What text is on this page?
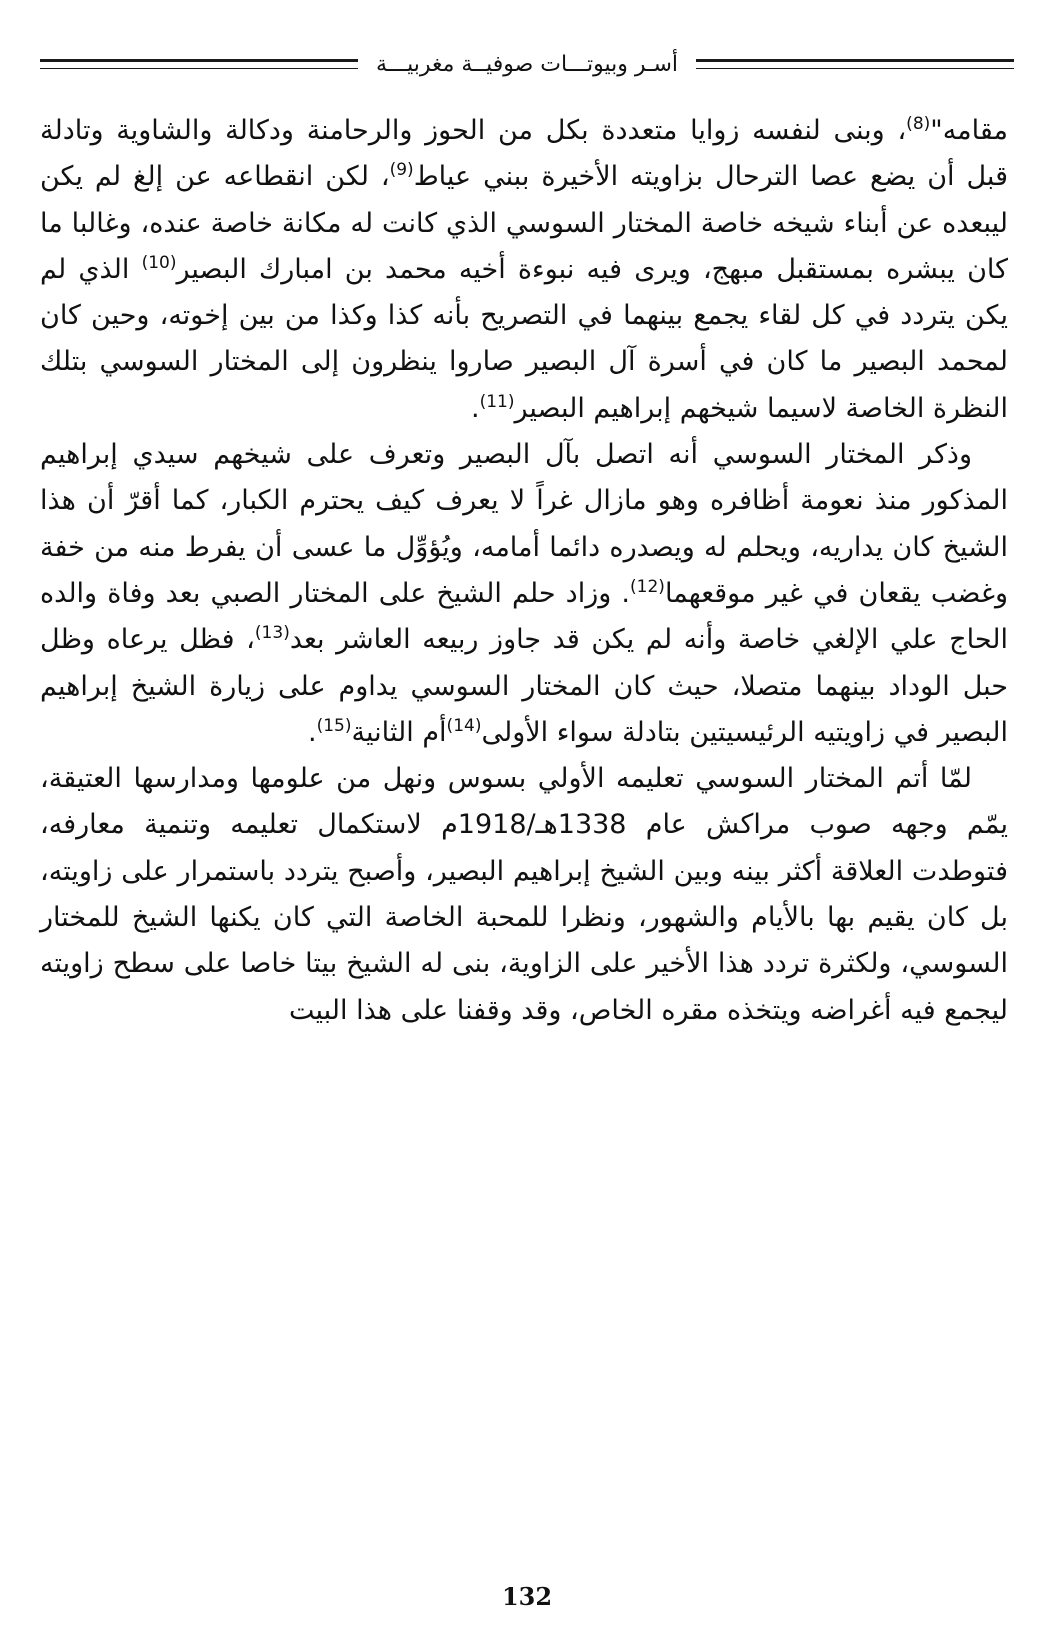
أسـر وبيوتـــات صوفيــة مغربيـــة

مقامه"$^{(8)}$، وبنى لنفسه زوايا متعددة بكل من الحوز والرحامنة ودكالة والشاوية وتادلة قبل أن يضع عصا الترحال بزاويته الأخيرة ببني عياط$^{(9)}$، لكن انقطاعه عن إلغ لم يكن ليبعده عن أبناء شيخه خاصة المختار السوسي الذي كانت له مكانة خاصة عنده، وغالبا ما كان يبشره بمستقبل مبهج، ويرى فيه نبوءة أخيه محمد بن امبارك البصير$^{(10)}$ الذي لم يكن يتردد في كل لقاء يجمع بينهما في التصريح بأنه كذا وكذا من بين إخوته، وحين كان لمحمد البصير ما كان في أسرة آل البصير صاروا ينظرون إلى المختار السوسي بتلك النظرة الخاصة لاسيما شيخهم إبراهيم البصير$^{(11)}$.

وذكر المختار السوسي أنه اتصل بآل البصير وتعرف على شيخهم سيدي إبراهيم المذكور منذ نعومة أظافره وهو مازال غراً لا يعرف كيف يحترم الكبار، كما أقرّ أن هذا الشيخ كان يداريه، ويحلم له ويصدره دائما أمامه، ويُؤوِّل ما عسى أن يفرط منه من خفة وغضب يقعان في غير موقعهما$^{(12)}$. وزاد حلم الشيخ على المختار الصبي بعد وفاة والده الحاج علي الإلغي خاصة وأنه لم يكن قد جاوز ربيعه العاشر بعد$^{(13)}$، فظل يرعاه وظل حبل الوداد بينهما متصلا، حيث كان المختار السوسي يداوم على زيارة الشيخ إبراهيم البصير في زاويتيه الرئيسيتين بتادلة سواء الأولى$^{(14)}$أم الثانية$^{(15)}$.

لمّا أتم المختار السوسي تعليمه الأولي بسوس ونهل من علومها ومدارسها العتيقة، يمّم وجهه صوب مراكش عام 1338هـ/1918م لاستكمال تعليمه وتنمية معارفه، فتوطدت العلاقة أكثر بينه وبين الشيخ إبراهيم البصير، وأصبح يتردد باستمرار على زاويته، بل كان يقيم بها بالأيام والشهور، ونظرا للمحبة الخاصة التي كان يكنها الشيخ للمختار السوسي، ولكثرة تردد هذا الأخير على الزاوية، بنى له الشيخ بيتا خاصا على سطح زاويته ليجمع فيه أغراضه ويتخذه مقره الخاص، وقد وقفنا على هذا البيت

132
